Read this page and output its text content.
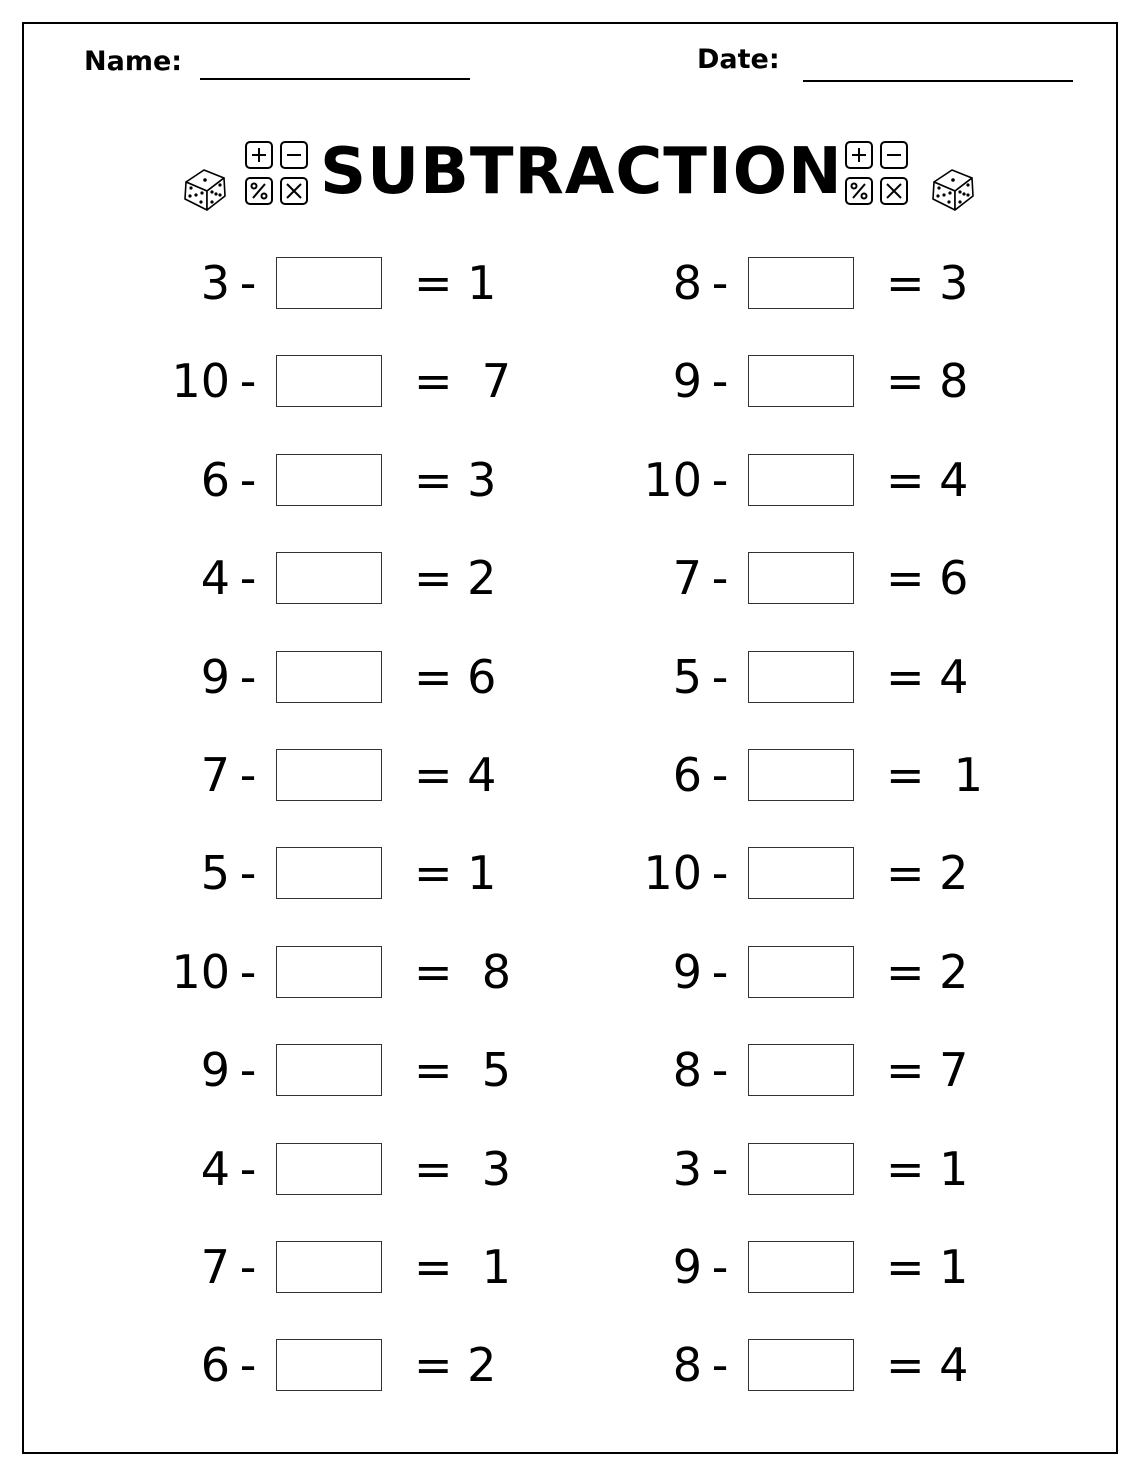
Name:	Date:
SUBTRACTION
3 -	= 1
10 -	=  7
6 -	= 3
4 -	= 2
9 -	= 6
7 -	= 4
5 -	= 1
10 -	=  8
9 -	=  5
4 -	=  3
7 -	=  1
6 -	= 2
8 -	= 3
9 -	= 8
10 -	= 4
7 -	= 6
5 -	= 4
6 -	=  1
10 -	= 2
9 -	= 2
8 -	= 7
3 -	= 1
9 -	= 1
8 -	= 4
